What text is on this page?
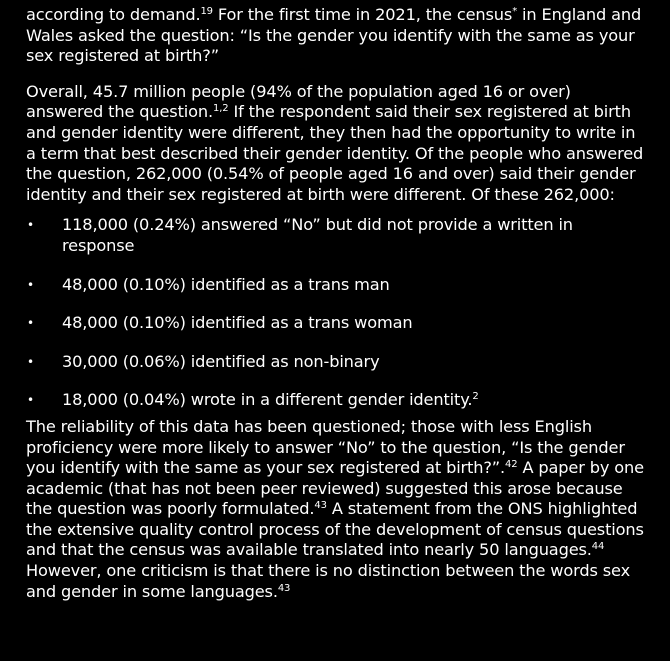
according to demand.$^{19}$ For the first time in 2021, the census* in England and Wales asked the question: “Is the gender you identify with the same as your sex registered at birth?”

Overall, 45.7 million people (94% of the population aged 16 or over) answered the question.$^{1,2}$ If the respondent said their sex registered at birth and gender identity were different, they then had the opportunity to write in a term that best described their gender identity. Of the people who answered the question, 262,000 (0.54% of people aged 16 and over) said their gender identity and their sex registered at birth were different. Of these 262,000:

• 118,000 (0.24%) answered “No” but did not provide a written in response
• 48,000 (0.10%) identified as a trans man
• 48,000 (0.10%) identified as a trans woman
• 30,000 (0.06%) identified as non-binary
• 18,000 (0.04%) wrote in a different gender identity.$^2$

The reliability of this data has been questioned; those with less English proficiency were more likely to answer “No” to the question, “Is the gender you identify with the same as your sex registered at birth?”.$^{42}$ A paper by one academic (that has not been peer reviewed) suggested this arose because the question was poorly formulated.$^{43}$ A statement from the ONS highlighted the extensive quality control process of the development of census questions and that the census was available translated into nearly 50 languages.$^{44}$ However, one criticism is that there is no distinction between the words sex and gender in some languages.$^{43}$
